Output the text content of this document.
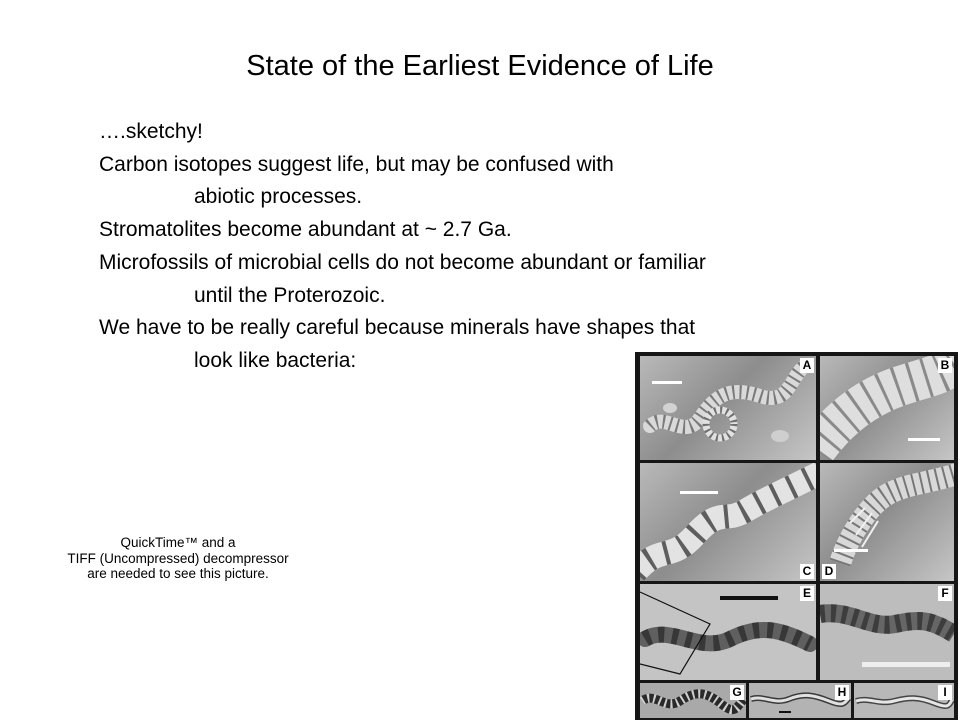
State of the Earliest Evidence of Life
….sketchy!
Carbon isotopes suggest life, but may be confused with
abiotic processes.
Stromatolites become abundant at ~ 2.7 Ga.
Microfossils of microbial cells do not become abundant or familiar
until the Proterozoic.
We have to be really careful because minerals have shapes that
look like bacteria:
QuickTime™ and a
TIFF (Uncompressed) decompressor
are needed to see this picture.
A	B
C D
E	F
G	H	I
